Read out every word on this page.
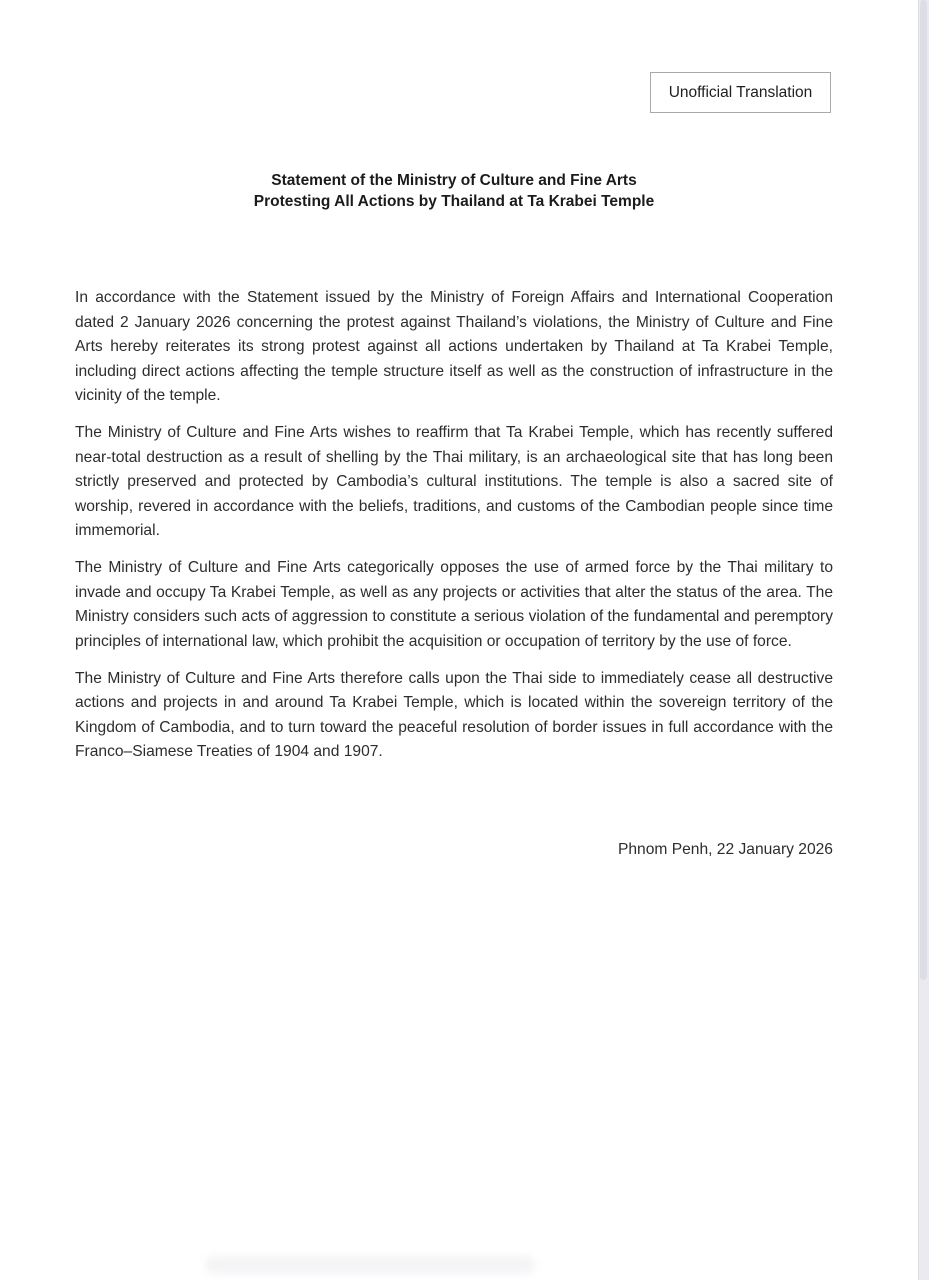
Unofficial Translation
Statement of the Ministry of Culture and Fine Arts
Protesting All Actions by Thailand at Ta Krabei Temple

In accordance with the Statement issued by the Ministry of Foreign Affairs and International Cooperation dated 2 January 2026 concerning the protest against Thailand’s violations, the Ministry of Culture and Fine Arts hereby reiterates its strong protest against all actions undertaken by Thailand at Ta Krabei Temple, including direct actions affecting the temple structure itself as well as the construction of infrastructure in the vicinity of the temple.

The Ministry of Culture and Fine Arts wishes to reaffirm that Ta Krabei Temple, which has recently suffered near-total destruction as a result of shelling by the Thai military, is an archaeological site that has long been strictly preserved and protected by Cambodia’s cultural institutions. The temple is also a sacred site of worship, revered in accordance with the beliefs, traditions, and customs of the Cambodian people since time immemorial.

The Ministry of Culture and Fine Arts categorically opposes the use of armed force by the Thai military to invade and occupy Ta Krabei Temple, as well as any projects or activities that alter the status of the area. The Ministry considers such acts of aggression to constitute a serious violation of the fundamental and peremptory principles of international law, which prohibit the acquisition or occupation of territory by the use of force.

The Ministry of Culture and Fine Arts therefore calls upon the Thai side to immediately cease all destructive actions and projects in and around Ta Krabei Temple, which is located within the sovereign territory of the Kingdom of Cambodia, and to turn toward the peaceful resolution of border issues in full accordance with the Franco–Siamese Treaties of 1904 and 1907.

Phnom Penh, 22 January 2026
